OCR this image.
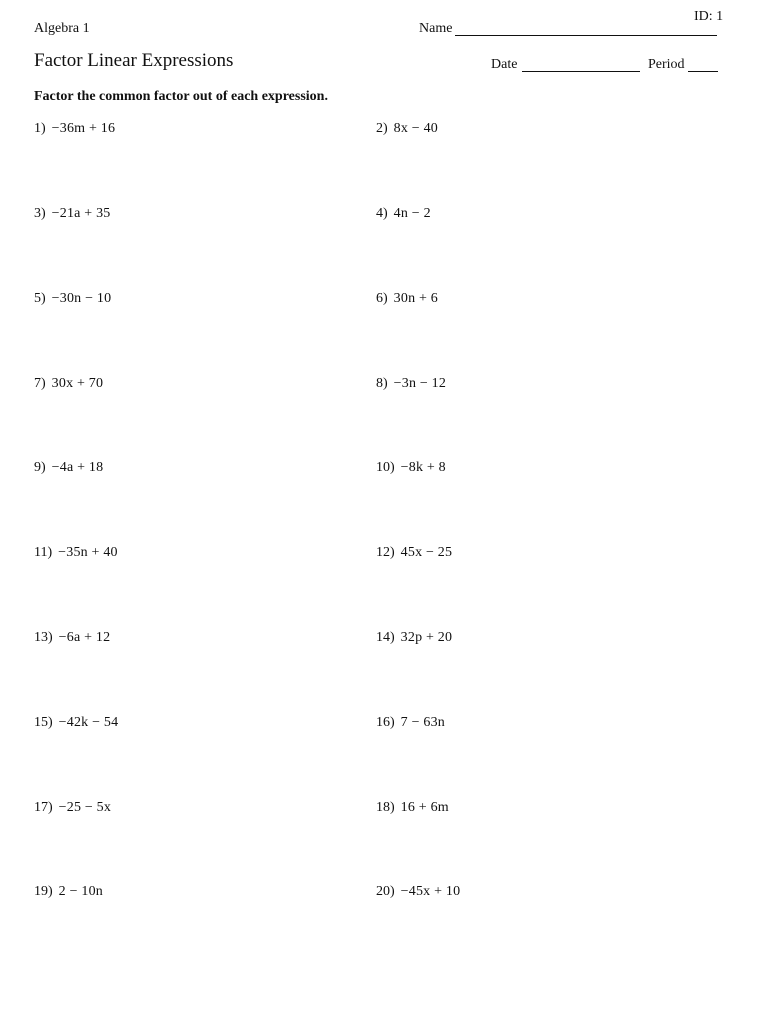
ID: 1
Algebra 1	Name
Factor Linear Expressions	Date	Period
Factor the common factor out of each expression.
1) −36m + 16	2) 8x − 40
3) −21a + 35	4) 4n − 2
5) −30n − 10	6) 30n + 6
7) 30x + 70	8) −3n − 12
9) −4a + 18	10) −8k + 8
11) −35n + 40	12) 45x − 25
13) −6a + 12	14) 32p + 20
15) −42k − 54	16) 7 − 63n
17) −25 − 5x	18) 16 + 6m
19) 2 − 10n	20) −45x + 10
